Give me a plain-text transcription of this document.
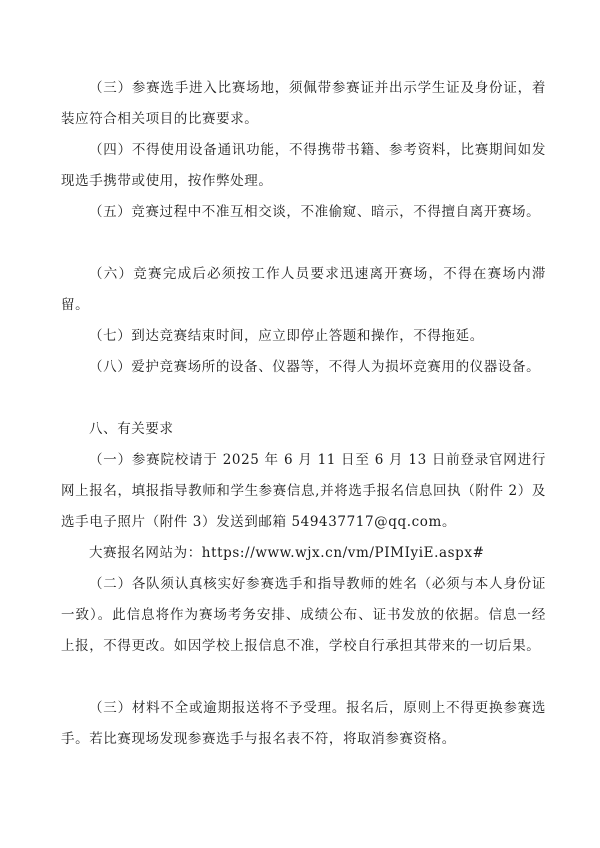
（三）参赛选手进入比赛场地，须佩带参赛证并出示学生证及身份证，着装应符合相关项目的比赛要求。

（四）不得使用设备通讯功能，不得携带书籍、参考资料，比赛期间如发现选手携带或使用，按作弊处理。

（五）竞赛过程中不准互相交谈，不准偷窥、暗示，不得擅自离开赛场。

（六）竞赛完成后必须按工作人员要求迅速离开赛场，不得在赛场内滞留。

（七）到达竞赛结束时间，应立即停止答题和操作，不得拖延。

（八）爱护竞赛场所的设备、仪器等，不得人为损坏竞赛用的仪器设备。

八、有关要求

（一）参赛院校请于 2025 年 6 月 11 日至 6 月 13 日前登录官网进行网上报名，填报指导教师和学生参赛信息,并将选手报名信息回执（附件 2）及选手电子照片（附件 3）发送到邮箱 549437717@qq.com。

大赛报名网站为：https://www.wjx.cn/vm/PIMIyiE.aspx#

（二）各队须认真核实好参赛选手和指导教师的姓名（必须与本人身份证一致）。此信息将作为赛场考务安排、成绩公布、证书发放的依据。信息一经上报，不得更改。如因学校上报信息不准，学校自行承担其带来的一切后果。

（三）材料不全或逾期报送将不予受理。报名后，原则上不得更换参赛选手。若比赛现场发现参赛选手与报名表不符，将取消参赛资格。
